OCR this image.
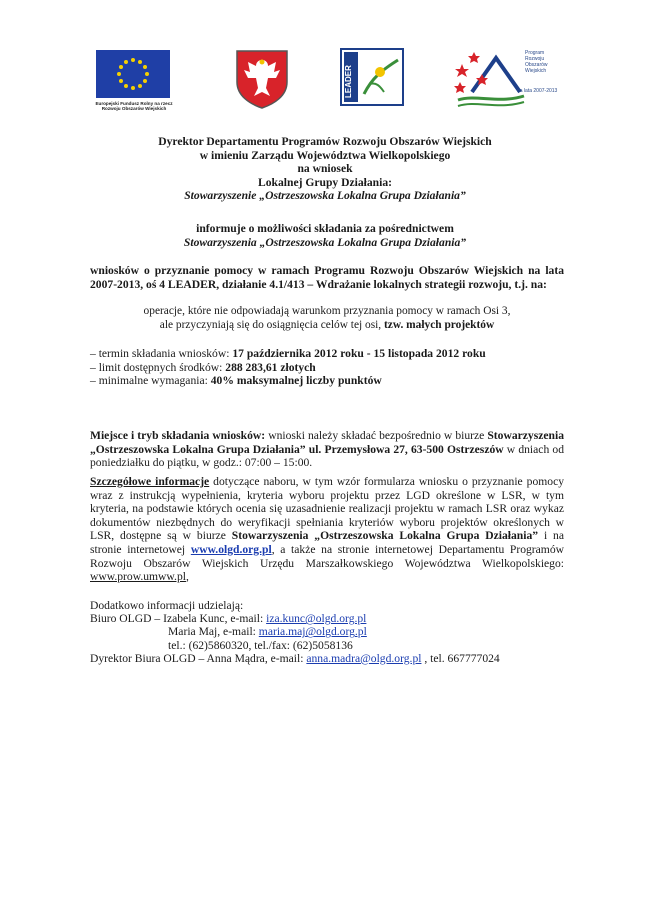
Europejski Fundusz Rolny na rzecz
Rozwoju Obszarów Wiejskich
LEADER
Program
Rozwoju
Obszarów
Wiejskich
na lata 2007-2013
Dyrektor Departamentu Programów Rozwoju Obszarów Wiejskich
w imieniu Zarządu Województwa Wielkopolskiego
na wniosek
Lokalnej Grupy Działania:
Stowarzyszenie „Ostrzeszowska Lokalna Grupa Działania”
informuje o możliwości składania za pośrednictwem
Stowarzyszenia „Ostrzeszowska Lokalna Grupa Działania”
wniosków o przyznanie pomocy w ramach Programu Rozwoju Obszarów Wiejskich na lata 2007-2013, oś 4 LEADER, działanie 4.1/413 – Wdrażanie lokalnych strategii rozwoju, t.j. na:
operacje, które nie odpowiadają warunkom przyznania pomocy w ramach Osi 3,
ale przyczyniają się do osiągnięcia celów tej osi, tzw. małych projektów
– termin składania wniosków: 17 października 2012 roku - 15 listopada 2012 roku
– limit dostępnych środków: 288 283,61 złotych
– minimalne wymagania: 40% maksymalnej liczby punktów
Miejsce i tryb składania wniosków: wnioski należy składać bezpośrednio w biurze Stowarzyszenia „Ostrzeszowska Lokalna Grupa Działania” ul. Przemysłowa 27, 63-500 Ostrzeszów w dniach od poniedziałku do piątku, w godz.: 07:00 – 15:00.
Szczegółowe informacje dotyczące naboru, w tym wzór formularza wniosku o przyznanie pomocy wraz z instrukcją wypełnienia, kryteria wyboru projektu przez LGD określone w LSR, w tym kryteria, na podstawie których ocenia się uzasadnienie realizacji projektu w ramach LSR oraz wykaz dokumentów niezbędnych do weryfikacji spełniania kryteriów wyboru projektów określonych w LSR, dostępne są w biurze Stowarzyszenia „Ostrzeszowska Lokalna Grupa Działania” i na stronie internetowej www.olgd.org.pl, a także na stronie internetowej Departamentu Programów Rozwoju Obszarów Wiejskich Urzędu Marszałkowskiego Województwa Wielkopolskiego: www.prow.umww.pl,
Dodatkowo informacji udzielają:
Biuro OLGD – Izabela Kunc, e-mail: iza.kunc@olgd.org.pl
Maria Maj, e-mail: maria.maj@olgd.org.pl
tel.: (62)5860320, tel./fax: (62)5058136
Dyrektor Biura OLGD – Anna Mądra, e-mail: anna.madra@olgd.org.pl , tel. 667777024
